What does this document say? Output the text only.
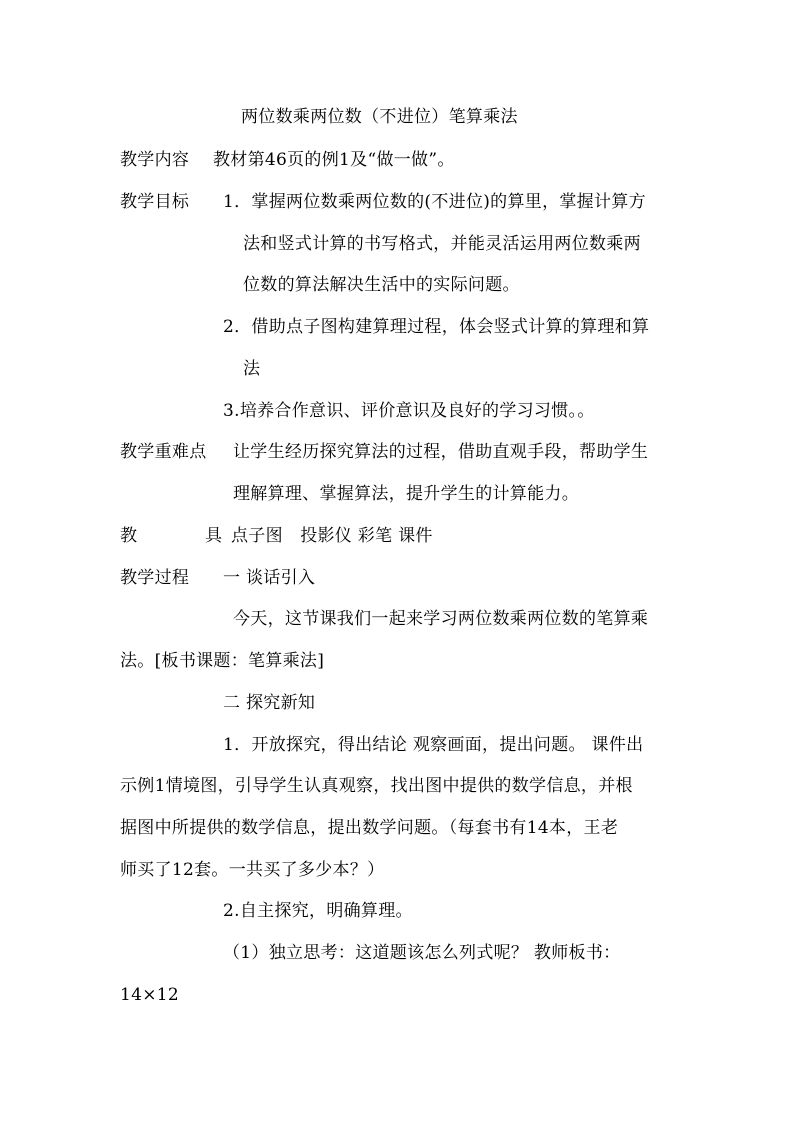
两位数乘两位数（不进位）笔算乘法
教学内容 教材第46页的例1及“做一做”。
教学目标 1．掌握两位数乘两位数的(不进位)的算里，掌握计算方
法和竖式计算的书写格式，并能灵活运用两位数乘两
位数的算法解决生活中的实际问题。
2．借助点子图构建算理过程，体会竖式计算的算理和算
法
3.培养合作意识、评价意识及良好的学习习惯。。
教学重难点 让学生经历探究算法的过程，借助直观手段，帮助学生
理解算理、掌握算法，提升学生的计算能力。
教	具 点子图　投影仪 彩笔 课件
教学过程 一 谈话引入
今天，这节课我们一起来学习两位数乘两位数的笔算乘
法。[板书课题：笔算乘法]
二 探究新知
1．开放探究，得出结论 观察画面，提出问题。 课件出
示例1情境图，引导学生认真观察，找出图中提供的数学信息，并根
据图中所提供的数学信息，提出数学问题。（每套书有14本，王老
师买了12套。一共买了多少本？）
2.自主探究，明确算理。
（1）独立思考：这道题该怎么列式呢？ 教师板书：
14×12
